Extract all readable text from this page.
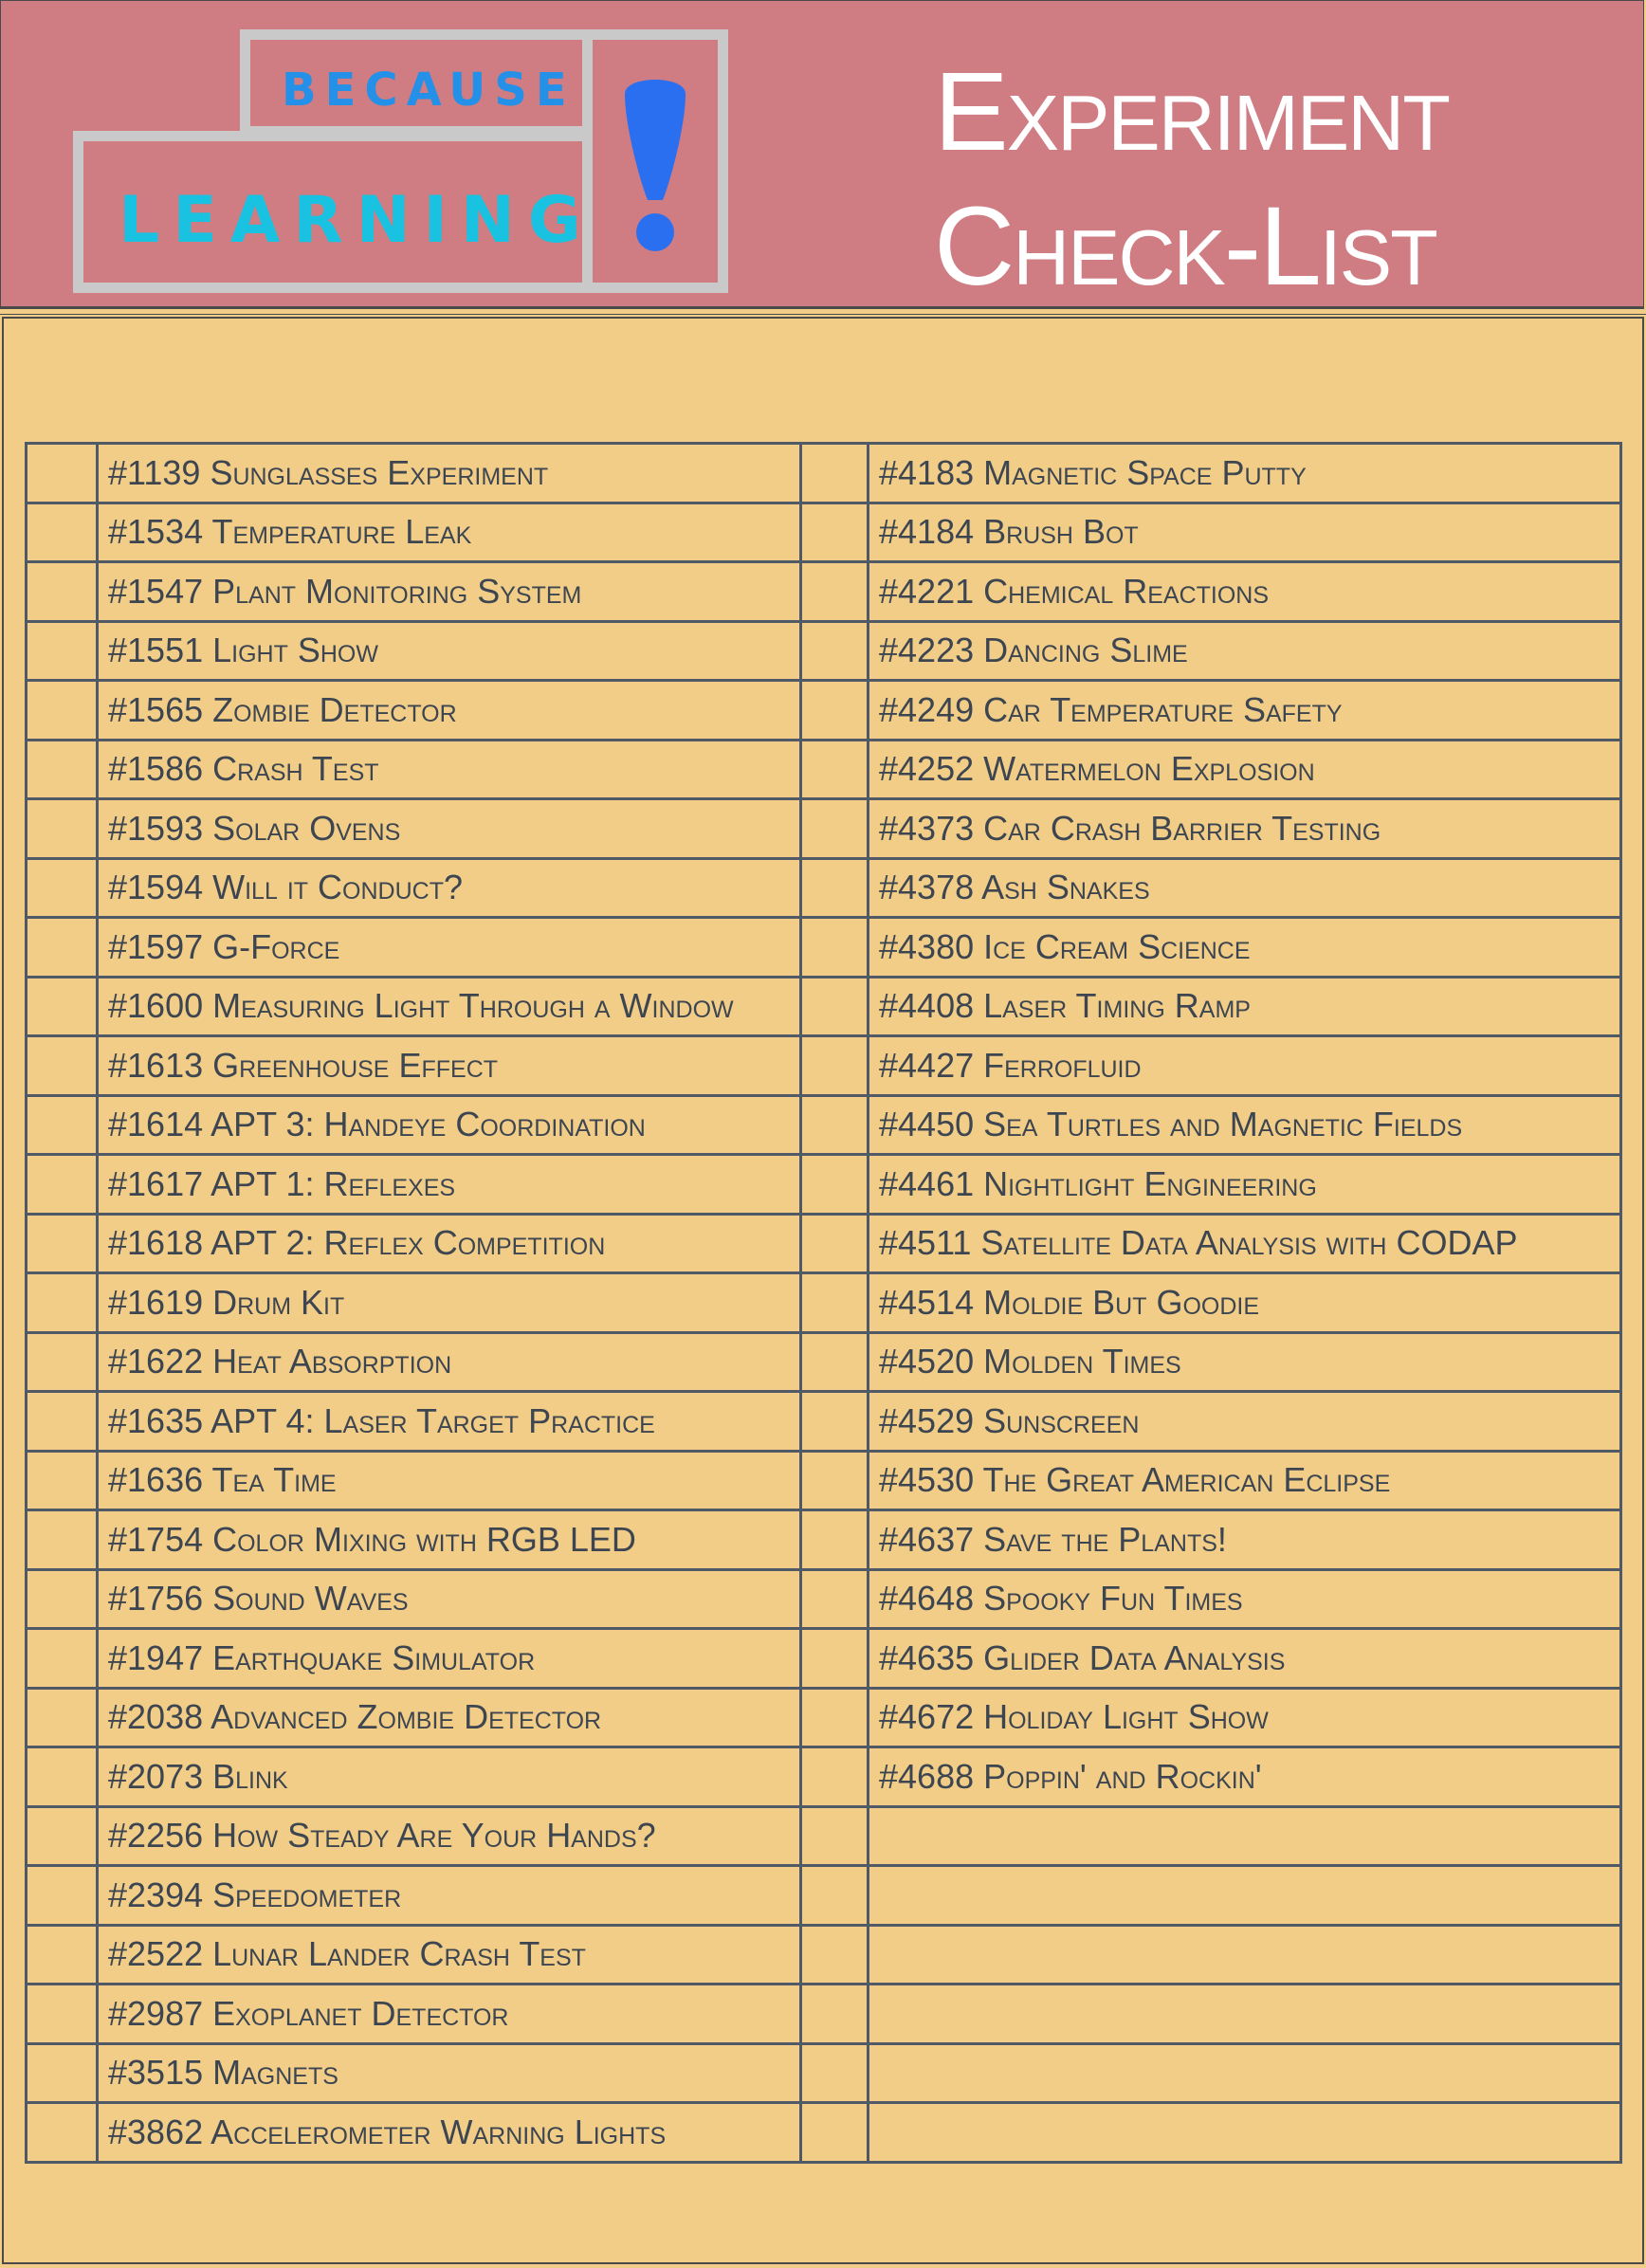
BECAUSE
LEARNING
Experiment
Check-List
	#1139 Sunglasses Experiment		#4183 Magnetic Space Putty
	#1534 Temperature Leak		#4184 Brush Bot
	#1547 Plant Monitoring System		#4221 Chemical Reactions
	#1551 Light Show		#4223 Dancing Slime
	#1565 Zombie Detector		#4249 Car Temperature Safety
	#1586 Crash Test		#4252 Watermelon Explosion
	#1593 Solar Ovens		#4373 Car Crash Barrier Testing
	#1594 Will it Conduct?		#4378 Ash Snakes
	#1597 G-Force		#4380 Ice Cream Science
	#1600 Measuring Light Through a Window		#4408 Laser Timing Ramp
	#1613 Greenhouse Effect		#4427 Ferrofluid
	#1614 APT 3: Handeye Coordination		#4450 Sea Turtles and Magnetic Fields
	#1617 APT 1: Reflexes		#4461 Nightlight Engineering
	#1618 APT 2: Reflex Competition		#4511 Satellite Data Analysis with CODAP
	#1619 Drum Kit		#4514 Moldie But Goodie
	#1622 Heat Absorption		#4520 Molden Times
	#1635 APT 4: Laser Target Practice		#4529 Sunscreen
	#1636 Tea Time		#4530 The Great American Eclipse
	#1754 Color Mixing with RGB LED		#4637 Save the Plants!
	#1756 Sound Waves		#4648 Spooky Fun Times
	#1947 Earthquake Simulator		#4635 Glider Data Analysis
	#2038 Advanced Zombie Detector		#4672 Holiday Light Show
	#2073 Blink		#4688 Poppin' and Rockin'
	#2256 How Steady Are Your Hands?		
	#2394 Speedometer		
	#2522 Lunar Lander Crash Test		
	#2987 Exoplanet Detector		
	#3515 Magnets		
	#3862 Accelerometer Warning Lights		
